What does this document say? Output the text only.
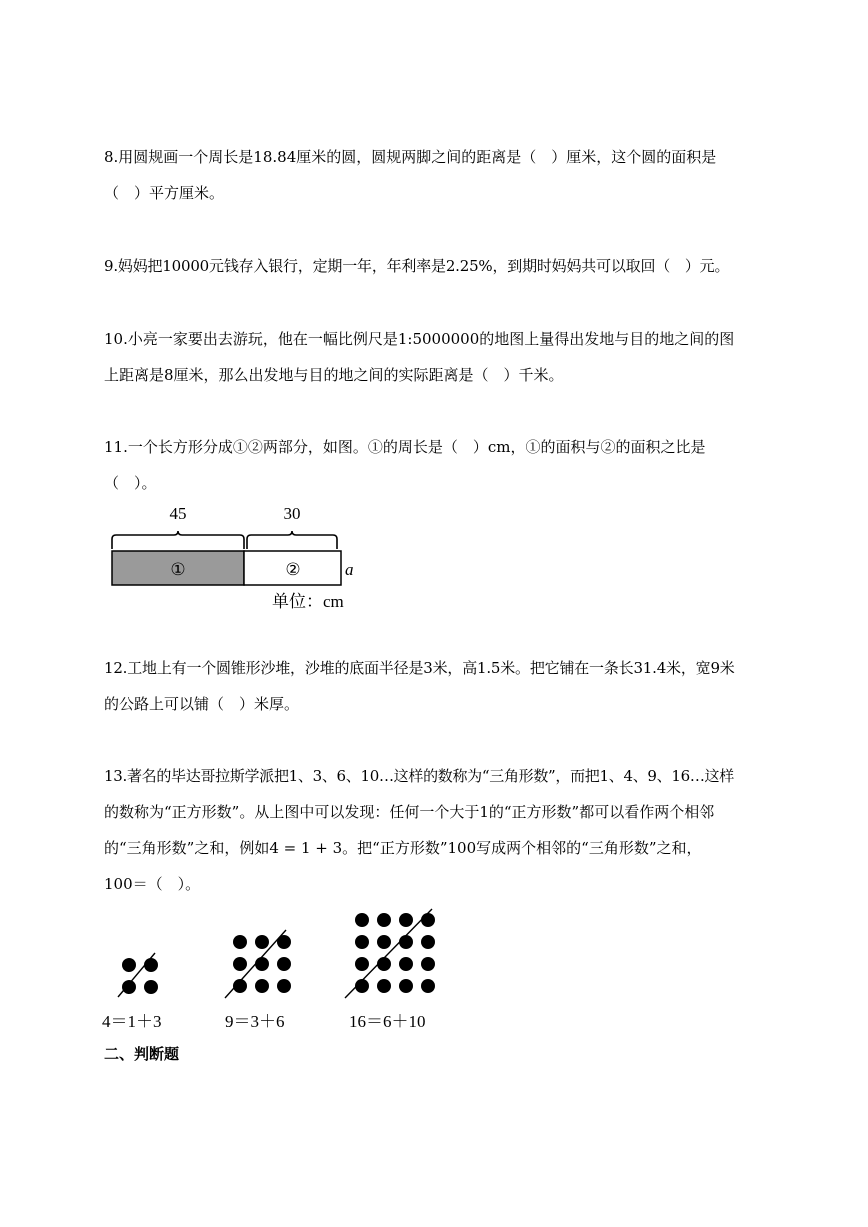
8.用圆规画一个周长是18.84厘米的圆，圆规两脚之间的距离是（　）厘米，这个圆的面积是

（　）平方厘米。

9.妈妈把10000元钱存入银行，定期一年，年利率是2.25%，到期时妈妈共可以取回（　）元。

10.小亮一家要出去游玩，他在一幅比例尺是1:5000000的地图上量得出发地与目的地之间的图

上距离是8厘米，那么出发地与目的地之间的实际距离是（　）千米。

11.一个长方形分成①②两部分，如图。①的周长是（　）cm，①的面积与②的面积之比是

（　）。

45	30
①	②	a
单位：cm

12.工地上有一个圆锥形沙堆，沙堆的底面半径是3米，高1.5米。把它铺在一条长31.4米，宽9米

的公路上可以铺（　）米厚。

13.著名的毕达哥拉斯学派把1、3、6、10…这样的数称为“三角形数”，而把1、4、9、16…这样

的数称为“正方形数”。从上图中可以发现：任何一个大于1的“正方形数”都可以看作两个相邻

的“三角形数”之和，例如4 = 1 + 3。把“正方形数”100写成两个相邻的“三角形数”之和，

100＝（　）。

4＝1＋3	9＝3＋6	16＝6＋10
二、判断题
